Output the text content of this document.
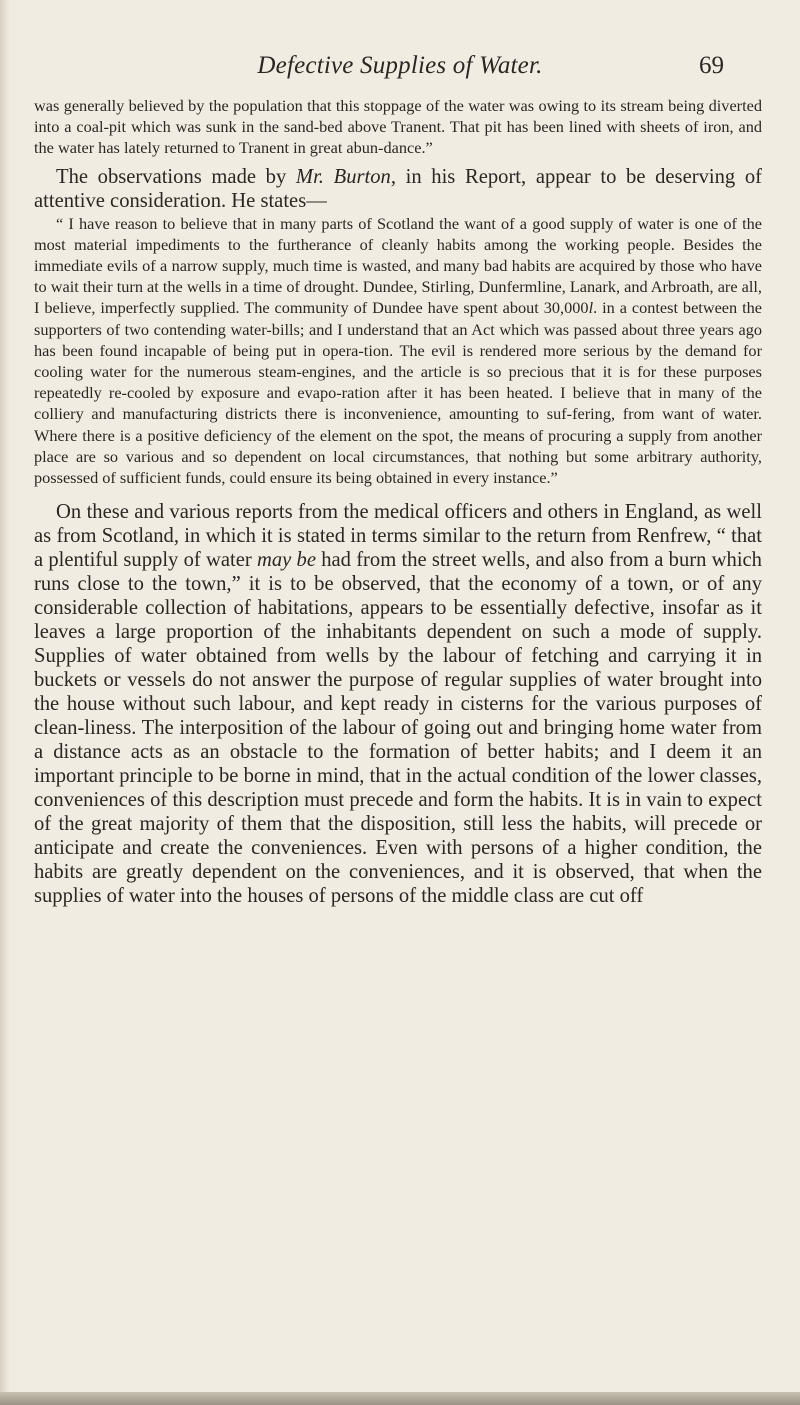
Defective Supplies of Water.	69

was generally believed by the population that this stoppage of the water was owing to its stream being diverted into a coal-pit which was sunk in the sand-bed above Tranent. That pit has been lined with sheets of iron, and the water has lately returned to Tranent in great abun-dance.”

The observations made by Mr. Burton, in his Report, appear to be deserving of attentive consideration. He states—

“ I have reason to believe that in many parts of Scotland the want of a good supply of water is one of the most material impediments to the furtherance of cleanly habits among the working people. Besides the immediate evils of a narrow supply, much time is wasted, and many bad habits are acquired by those who have to wait their turn at the wells in a time of drought. Dundee, Stirling, Dunfermline, Lanark, and Arbroath, are all, I believe, imperfectly supplied. The community of Dundee have spent about 30,000l. in a contest between the supporters of two contending water-bills; and I understand that an Act which was passed about three years ago has been found incapable of being put in opera-tion. The evil is rendered more serious by the demand for cooling water for the numerous steam-engines, and the article is so precious that it is for these purposes repeatedly re-cooled by exposure and evapo-ration after it has been heated. I believe that in many of the colliery and manufacturing districts there is inconvenience, amounting to suf-fering, from want of water. Where there is a positive deficiency of the element on the spot, the means of procuring a supply from another place are so various and so dependent on local circumstances, that nothing but some arbitrary authority, possessed of sufficient funds, could ensure its being obtained in every instance.”

On these and various reports from the medical officers and others in England, as well as from Scotland, in which it is stated in terms similar to the return from Renfrew, “ that a plentiful supply of water may be had from the street wells, and also from a burn which runs close to the town,” it is to be observed, that the economy of a town, or of any considerable collection of habitations, appears to be essentially defective, insofar as it leaves a large proportion of the inhabitants dependent on such a mode of supply. Supplies of water obtained from wells by the labour of fetching and carrying it in buckets or vessels do not answer the purpose of regular supplies of water brought into the house without such labour, and kept ready in cisterns for the various purposes of clean-liness. The interposition of the labour of going out and bringing home water from a distance acts as an obstacle to the formation of better habits; and I deem it an important principle to be borne in mind, that in the actual condition of the lower classes, conveniences of this description must precede and form the habits. It is in vain to expect of the great majority of them that the disposition, still less the habits, will precede or anticipate and create the conveniences. Even with persons of a higher condition, the habits are greatly dependent on the conveniences, and it is observed, that when the supplies of water into the houses of persons of the middle class are cut off
